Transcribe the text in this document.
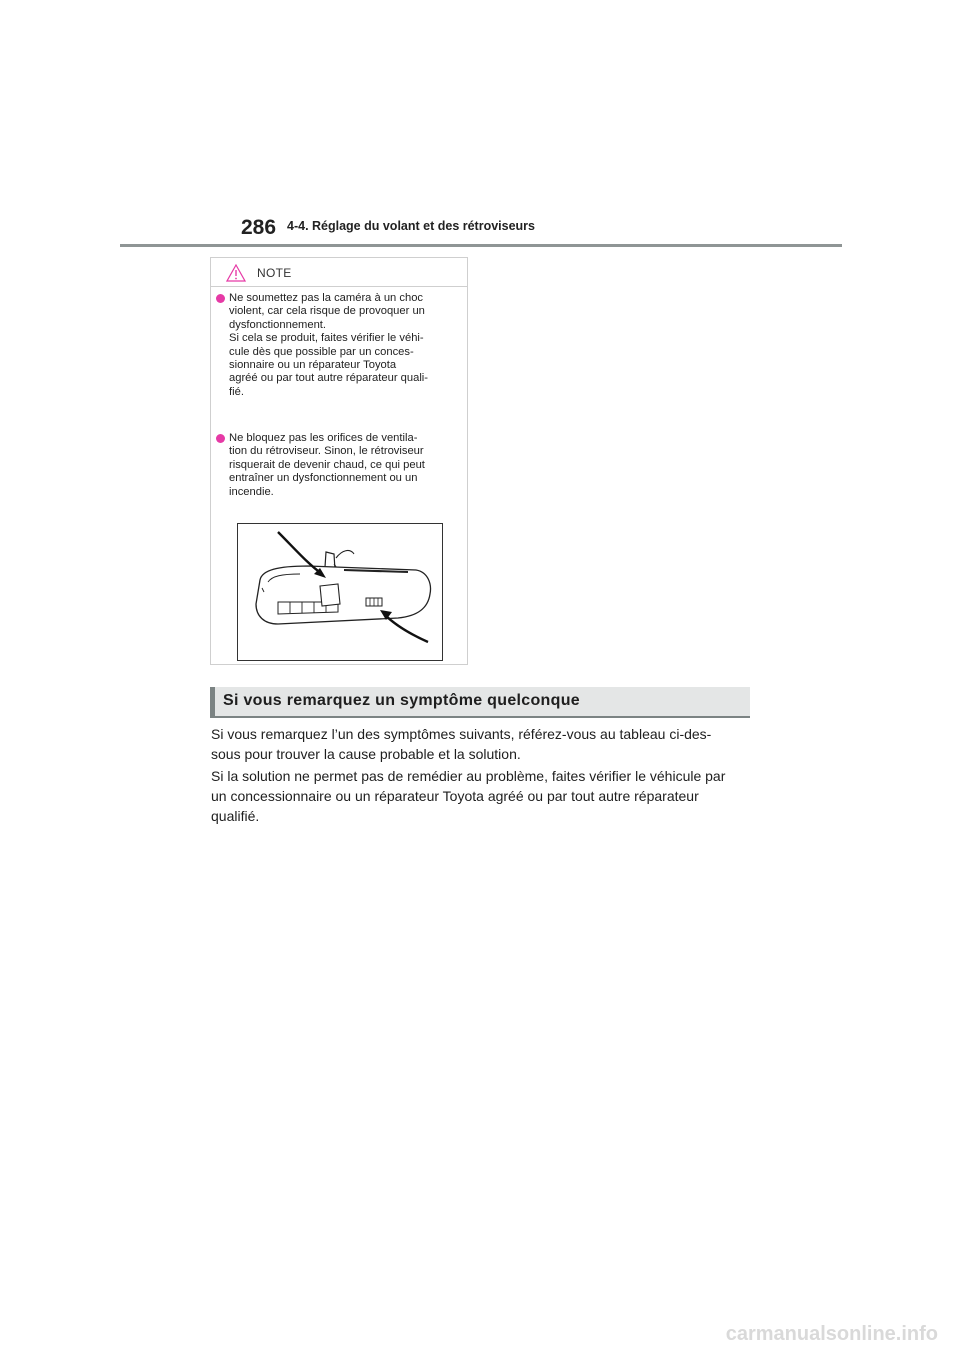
286 4-4. Réglage du volant et des rétroviseurs
NOTE

Ne soumettez pas la caméra à un choc
violent, car cela risque de provoquer un
dysfonctionnement.
Si cela se produit, faites vérifier le véhi-
cule dès que possible par un conces-
sionnaire ou un réparateur Toyota
agréé ou par tout autre réparateur quali-
fié.

Ne bloquez pas les orifices de ventila-
tion du rétroviseur. Sinon, le rétroviseur
risquerait de devenir chaud, ce qui peut
entraîner un dysfonctionnement ou un
incendie.

Si vous remarquez un symptôme quelconque

Si vous remarquez l’un des symptômes suivants, référez-vous au tableau ci-des-
sous pour trouver la cause probable et la solution.

Si la solution ne permet pas de remédier au problème, faites vérifier le véhicule par
un concessionnaire ou un réparateur Toyota agréé ou par tout autre réparateur
qualifié.

carmanualsonline.info
